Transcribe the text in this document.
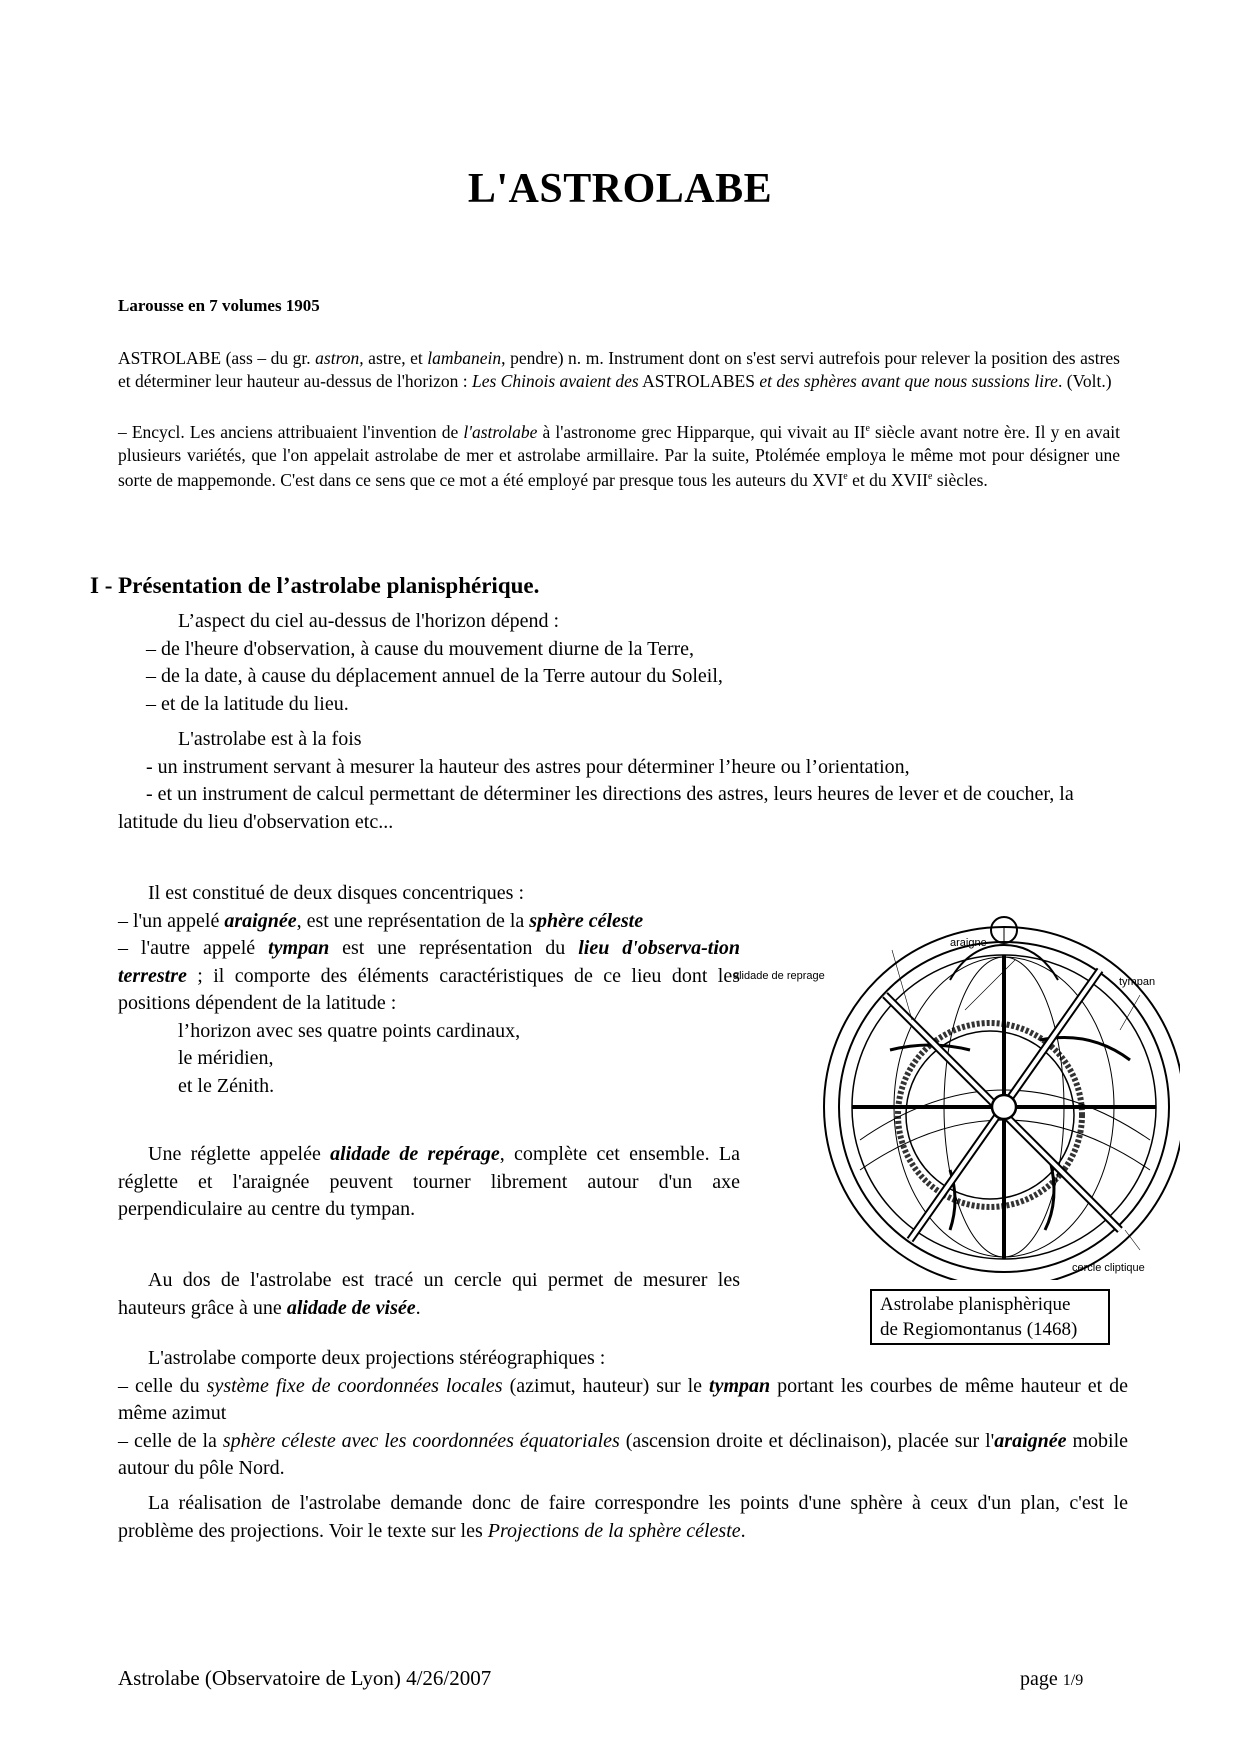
L'ASTROLABE
Larousse en 7 volumes 1905
ASTROLABE (ass – du gr. astron, astre, et lambanein, pendre) n. m. Instrument dont on s'est servi autrefois pour relever la position des astres et déterminer leur hauteur au-dessus de l'horizon : Les Chinois avaient des ASTROLABES et des sphères avant que nous sussions lire. (Volt.)
– Encycl. Les anciens attribuaient l'invention de l'astrolabe à l'astronome grec Hipparque, qui vivait au IIe siècle avant notre ère. Il y en avait plusieurs variétés, que l'on appelait astrolabe de mer et astrolabe armillaire. Par la suite, Ptolémée employa le même mot pour désigner une sorte de mappemonde. C'est dans ce sens que ce mot a été employé par presque tous les auteurs du XVIe et du XVIIe siècles.
I - Présentation de l’astrolabe planisphérique.
L’aspect du ciel au-dessus de l'horizon dépend :
– de l'heure d'observation, à cause du mouvement diurne de la Terre,
– de la date, à cause du déplacement annuel de la Terre autour du Soleil,
– et de la latitude du lieu.
L'astrolabe est à la fois
- un instrument servant à mesurer la hauteur des astres pour déterminer l’heure ou l’orientation,
- et un instrument de calcul permettant de déterminer les directions des astres, leurs heures de lever et de coucher, la latitude du lieu d'observation etc...
Il est constitué de deux disques concentriques :
– l'un appelé araignée, est une représentation de la sphère céleste
– l'autre appelé tympan est une représentation du lieu d'observa-tion terrestre ; il comporte des éléments caractéristiques de ce lieu dont les positions dépendent de la latitude :
l’horizon avec ses quatre points cardinaux,
le méridien,
et le Zénith.
Une réglette appelée alidade de repérage, complète cet ensemble. La réglette et l'araignée peuvent tourner librement autour d'un axe perpendiculaire au centre du tympan.
Au dos de l'astrolabe est tracé un cercle qui permet de mesurer les hauteurs grâce à une alidade de visée.
araigne
alidade de reprage	tympan
cercle cliptique
Astrolabe planisphèrique
de Regiomontanus (1468)
L'astrolabe comporte deux projections stéréographiques :
– celle du système fixe de coordonnées locales (azimut, hauteur) sur le tympan portant les courbes de même hauteur et de même azimut
– celle de la sphère céleste avec les coordonnées équatoriales (ascension droite et déclinaison), placée sur l'araignée mobile autour du pôle Nord.
La réalisation de l'astrolabe demande donc de faire correspondre les points d'une sphère à ceux d'un plan, c'est le problème des projections. Voir le texte sur les Projections de la sphère céleste.
Astrolabe (Observatoire de Lyon) 4/26/2007	page 1/9
